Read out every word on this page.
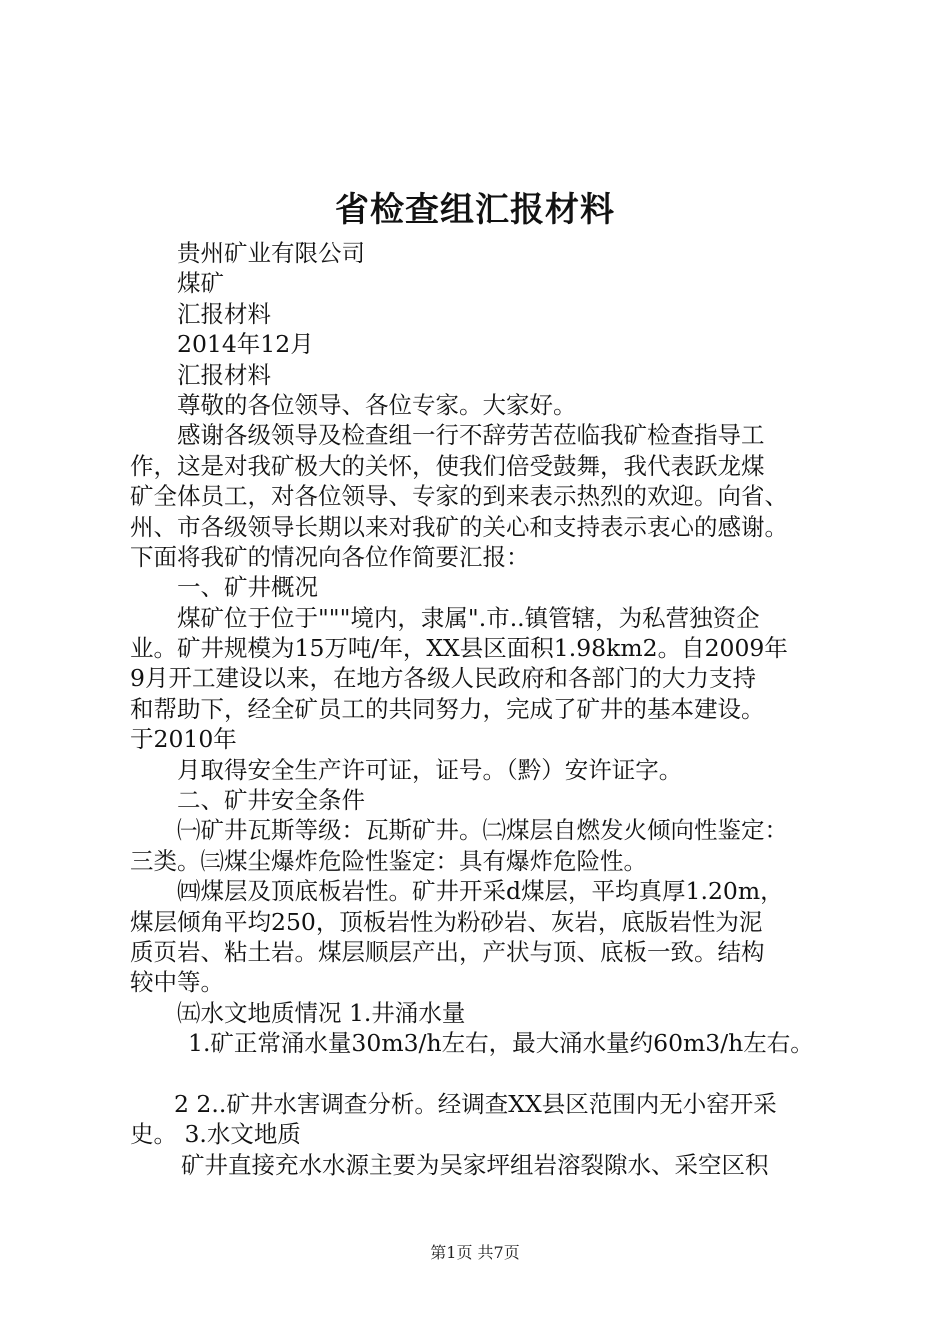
省检查组汇报材料
贵州矿业有限公司
煤矿
汇报材料
2014年12月
汇报材料
尊敬的各位领导、各位专家。大家好。
感谢各级领导及检查组一行不辞劳苦莅临我矿检查指导工
作，这是对我矿极大的关怀，使我们倍受鼓舞，我代表跃龙煤
矿全体员工，对各位领导、专家的到来表示热烈的欢迎。向省、
州、市各级领导长期以来对我矿的关心和支持表示衷心的感谢。
下面将我矿的情况向各位作简要汇报：
一、矿井概况
煤矿位于位于"""境内，隶属".市..镇管辖，为私营独资企
业。矿井规模为15万吨/年，XX县区面积1.98km2。自2009年
9月开工建设以来，在地方各级人民政府和各部门的大力支持
和帮助下，经全矿员工的共同努力，完成了矿井的基本建设。
于2010年
月取得安全生产许可证，证号。（黔）安许证字。
二、矿井安全条件
㈠矿井瓦斯等级：瓦斯矿井。㈡煤层自燃发火倾向性鉴定：
三类。㈢煤尘爆炸危险性鉴定：具有爆炸危险性。
㈣煤层及顶底板岩性。矿井开采d煤层，平均真厚1.20m，
煤层倾角平均250，顶板岩性为粉砂岩、灰岩，底版岩性为泥
质页岩、粘土岩。煤层顺层产出，产状与顶、底板一致。结构
较中等。
㈤水文地质情况 1.井涌水量
1.矿正常涌水量30m3/h左右，最大涌水量约60m3/h左右。
2 2..矿井水害调查分析。经调查XX县区范围内无小窑开采
史。 3.水文地质
矿井直接充水水源主要为吴家坪组岩溶裂隙水、采空区积
第1页 共7页
